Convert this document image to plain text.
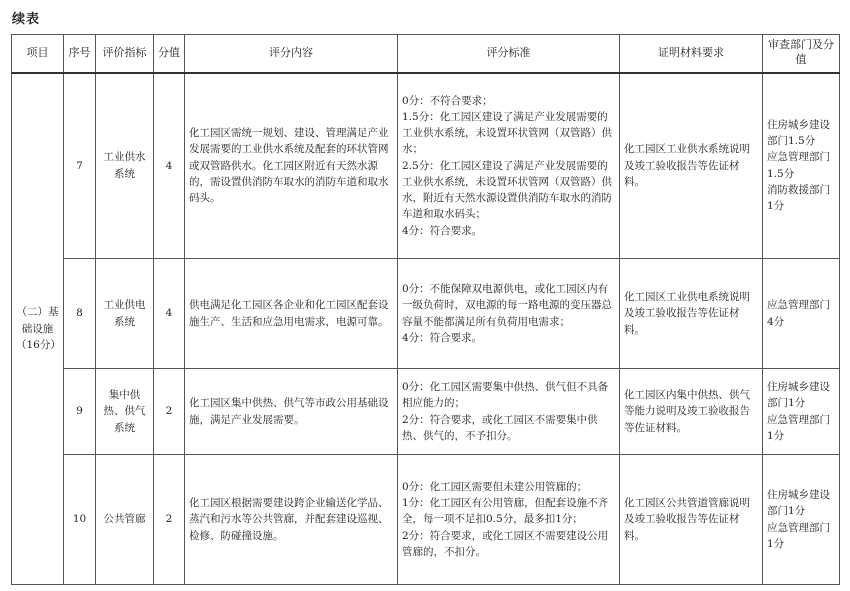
续表
项目	序号	评价指标	分值	评分内容	评分标准	证明材料要求	审查部门及分值
（二）基础设施（16分）	7	工业供水系统	4	化工园区需统一规划、建设、管理满足产业发展需要的工业供水系统及配套的环状管网或双管路供水。化工园区附近有天然水源的，需设置供消防车取水的消防车道和取水码头。	0分：不符合要求；
1.5分：化工园区建设了满足产业发展需要的工业供水系统，未设置环状管网（双管路）供水；
2.5分：化工园区建设了满足产业发展需要的工业供水系统，未设置环状管网（双管路）供水，附近有天然水源设置供消防车取水的消防车道和取水码头；
4分：符合要求。	化工园区工业供水系统说明及竣工验收报告等佐证材料。	住房城乡建设部门1.5分
应急管理部门1.5分
消防救援部门1分
	8	工业供电系统	4	供电满足化工园区各企业和化工园区配套设施生产、生活和应急用电需求，电源可靠。	0分：不能保障双电源供电，或化工园区内有一级负荷时，双电源的每一路电源的变压器总容量不能都满足所有负荷用电需求；
4分：符合要求。	化工园区工业供电系统说明及竣工验收报告等佐证材料。	应急管理部门4分
	9	集中供热、供气系统	2	化工园区集中供热、供气等市政公用基础设施，满足产业发展需要。	0分：化工园区需要集中供热、供气但不具备相应能力的；
2分：符合要求，或化工园区不需要集中供热、供气的，不予扣分。	化工园区内集中供热、供气等能力说明及竣工验收报告等佐证材料。	住房城乡建设部门1分
应急管理部门1分
	10	公共管廊	2	化工园区根据需要建设跨企业输送化学品、蒸汽和污水等公共管廊，并配套建设巡视、检修、防碰撞设施。	0分：化工园区需要但未建公用管廊的；
1分：化工园区有公用管廊，但配套设施不齐全，每一项不足扣0.5分，最多扣1分；
2分：符合要求，或化工园区不需要建设公用管廊的，不扣分。	化工园区公共管道管廊说明及竣工验收报告等佐证材料。	住房城乡建设部门1分
应急管理部门1分
